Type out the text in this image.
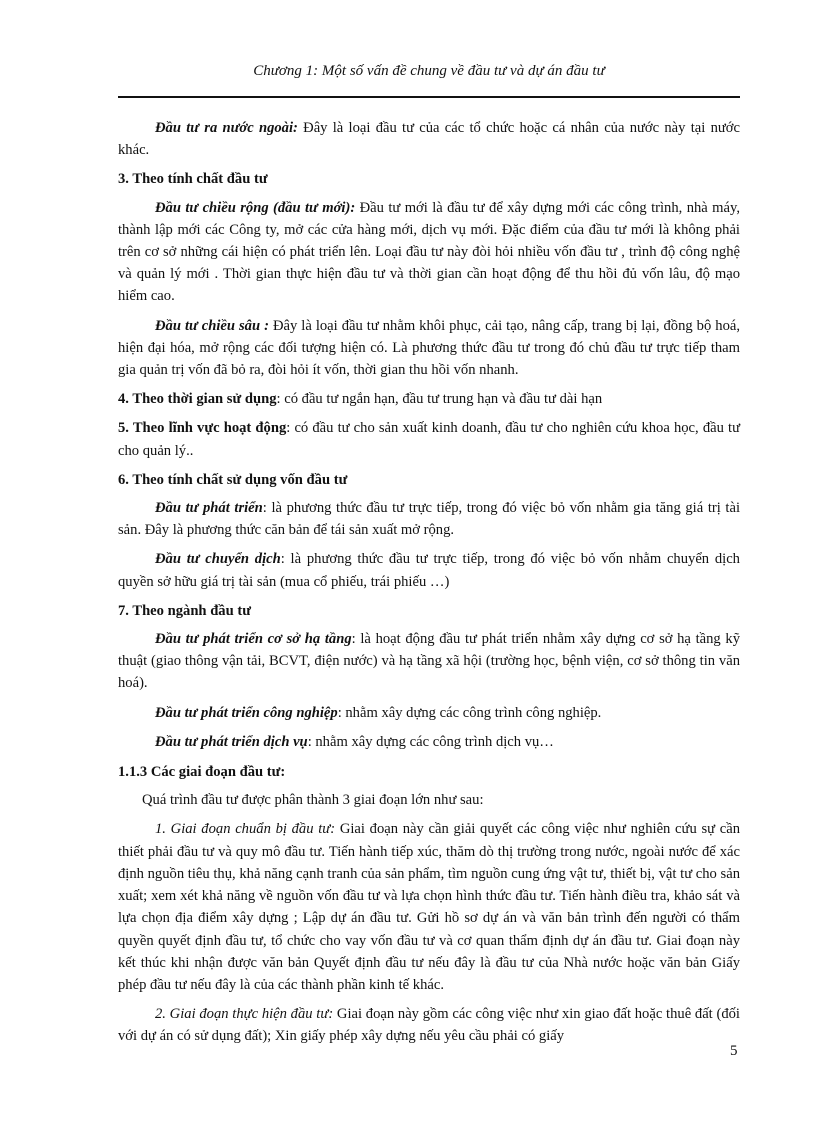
Chương 1: Một số vấn đề chung về đầu tư và dự án đầu tư

Đầu tư ra nước ngoài: Đây là loại đầu tư của các tổ chức hoặc cá nhân của nước này tại nước khác.

3. Theo tính chất đầu tư

Đầu tư chiều rộng (đầu tư mới): Đầu tư mới là đầu tư để xây dựng mới các công trình, nhà máy, thành lập mới các Công ty, mở các cửa hàng mới, dịch vụ mới. Đặc điểm của đầu tư mới là không phải trên cơ sở những cái hiện có phát triển lên. Loại đầu tư này đòi hỏi nhiều vốn đầu tư , trình độ công nghệ và quản lý mới . Thời gian thực hiện đầu tư và thời gian cần hoạt động để thu hồi đủ vốn lâu, độ mạo hiểm cao.

Đầu tư chiều sâu : Đây là loại đầu tư nhằm khôi phục, cải tạo, nâng cấp, trang bị lại, đồng bộ hoá, hiện đại hóa, mở rộng các đối tượng hiện có. Là phương thức đầu tư trong đó chủ đầu tư trực tiếp tham gia quản trị vốn đã bỏ ra, đòi hỏi ít vốn, thời gian thu hồi vốn nhanh.

4. Theo thời gian sử dụng: có đầu tư ngắn hạn, đầu tư trung hạn và đầu tư dài hạn

5. Theo lĩnh vực hoạt động: có đầu tư cho sản xuất kinh doanh, đầu tư cho nghiên cứu khoa học, đầu tư cho quản lý..

6. Theo tính chất sử dụng vốn đầu tư

Đầu tư phát triển: là phương thức đầu tư trực tiếp, trong đó việc bỏ vốn nhằm gia tăng giá trị tài sản. Đây là phương thức căn bản để tái sản xuất mở rộng.

Đầu tư chuyển dịch: là phương thức đầu tư trực tiếp, trong đó việc bỏ vốn nhằm chuyển dịch quyền sở hữu giá trị tài sản (mua cổ phiếu, trái phiếu …)

7. Theo ngành đầu tư

Đầu tư phát triển cơ sở hạ tầng: là hoạt động đầu tư phát triển nhằm xây dựng cơ sở hạ tầng kỹ thuật (giao thông vận tải, BCVT, điện nước) và hạ tầng xã hội (trường học, bệnh viện, cơ sở thông tin văn hoá).

Đầu tư phát triển công nghiệp: nhằm xây dựng các công trình công nghiệp.

Đầu tư phát triển dịch vụ: nhằm xây dựng các công trình dịch vụ…

1.1.3 Các giai đoạn đầu tư:

Quá trình đầu tư được phân thành 3 giai đoạn lớn như sau:

1. Giai đoạn chuẩn bị đầu tư: Giai đoạn này cần giải quyết các công việc như nghiên cứu sự cần thiết phải đầu tư và quy mô đầu tư. Tiến hành tiếp xúc, thăm dò thị trường trong nước, ngoài nước để xác định nguồn tiêu thụ, khả năng cạnh tranh của sản phẩm, tìm nguồn cung ứng vật tư, thiết bị, vật tư cho sản xuất; xem xét khả năng về nguồn vốn đầu tư và lựa chọn hình thức đầu tư. Tiến hành điều tra, khảo sát và lựa chọn địa điểm xây dựng ; Lập dự án đầu tư. Gửi hồ sơ dự án và văn bản trình đến người có thẩm quyền quyết định đầu tư, tổ chức cho vay vốn đầu tư và cơ quan thẩm định dự án đầu tư. Giai đoạn này kết thúc khi nhận được văn bản Quyết định đầu tư nếu đây là đầu tư của Nhà nước hoặc văn bản Giấy phép đầu tư nếu đây là của các thành phần kinh tế khác.

2. Giai đoạn thực hiện đầu tư: Giai đoạn này gồm các công việc như xin giao đất hoặc thuê đất (đối với dự án có sử dụng đất); Xin giấy phép xây dựng nếu yêu cầu phải có giấy

5
